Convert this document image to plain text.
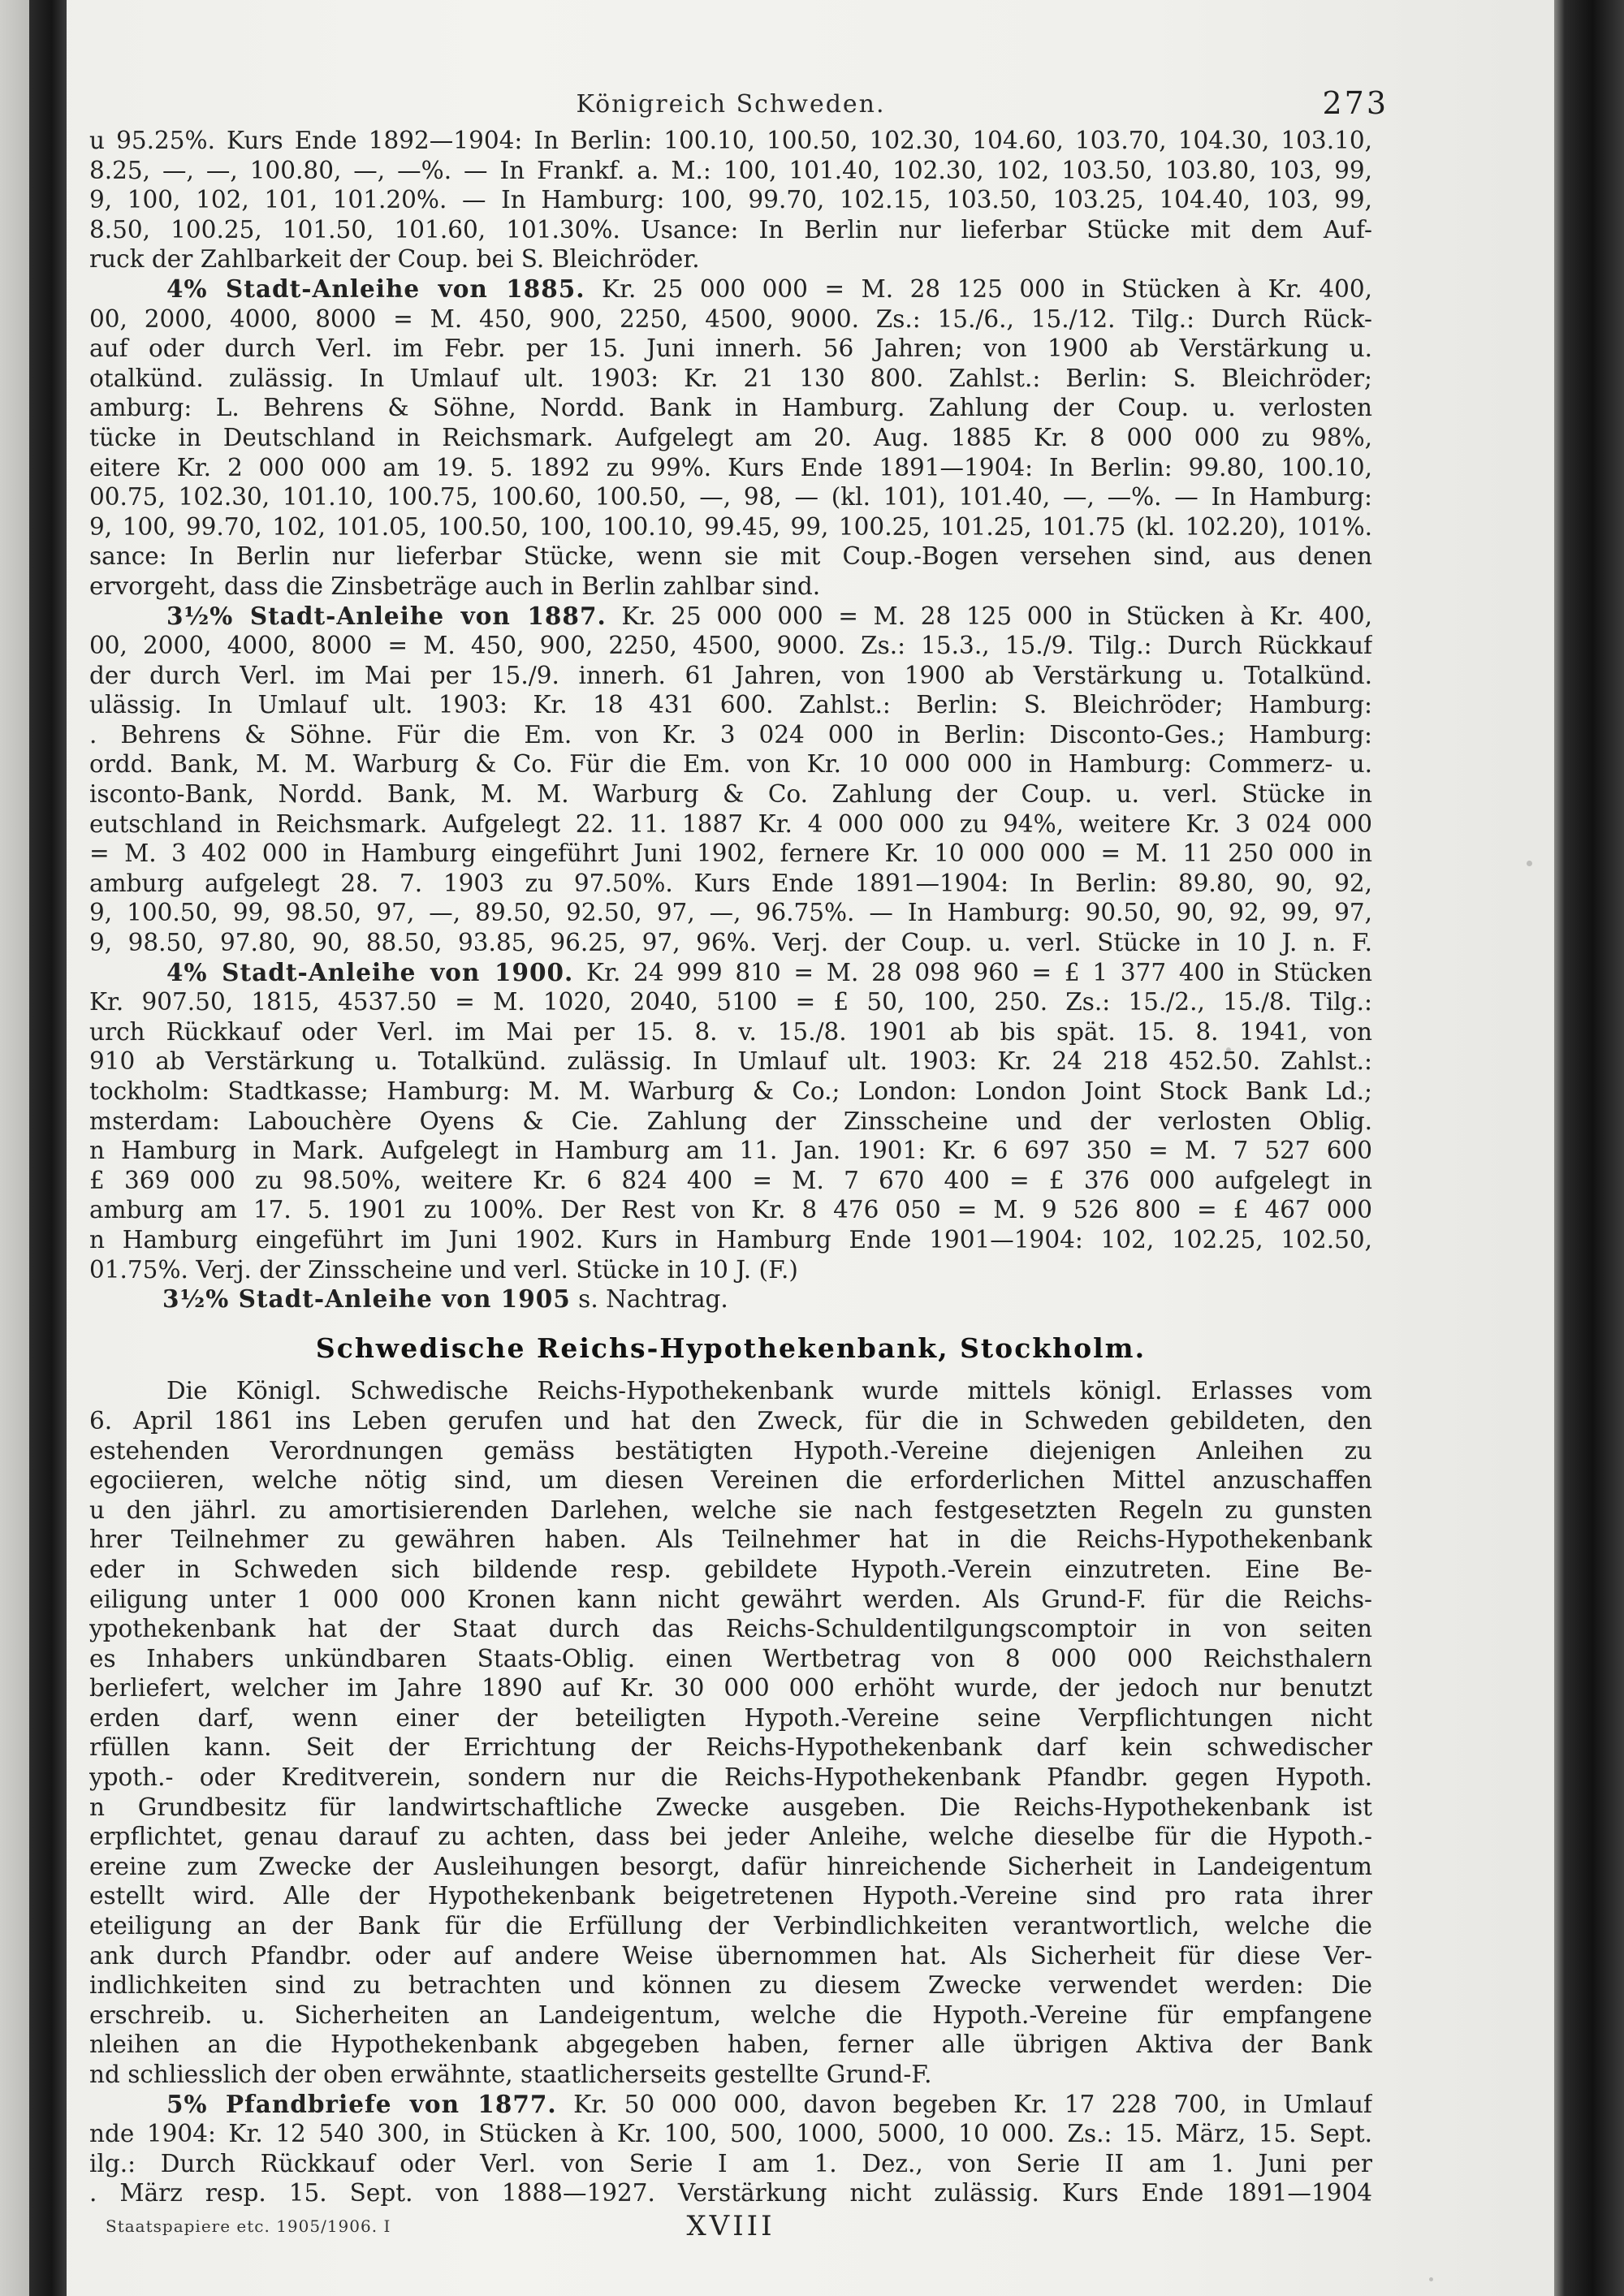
Königreich Schweden.	273
u 95.25%. Kurs Ende 1892—1904: In Berlin: 100.10, 100.50, 102.30, 104.60, 103.70, 104.30, 103.10,
8.25, —, —, 100.80, —, —%. — In Frankf. a. M.: 100, 101.40, 102.30, 102, 103.50, 103.80, 103, 99,
9, 100, 102, 101, 101.20%. — In Hamburg: 100, 99.70, 102.15, 103.50, 103.25, 104.40, 103, 99,
8.50, 100.25, 101.50, 101.60, 101.30%. Usance: In Berlin nur lieferbar Stücke mit dem Auf-
ruck der Zahlbarkeit der Coup. bei S. Bleichröder.
4% Stadt-Anleihe von 1885. Kr. 25 000 000 = M. 28 125 000 in Stücken à Kr. 400,
00, 2000, 4000, 8000 = M. 450, 900, 2250, 4500, 9000. Zs.: 15./6., 15./12. Tilg.: Durch Rück-
auf oder durch Verl. im Febr. per 15. Juni innerh. 56 Jahren; von 1900 ab Verstärkung u.
otalkünd. zulässig. In Umlauf ult. 1903: Kr. 21 130 800. Zahlst.: Berlin: S. Bleichröder;
amburg: L. Behrens & Söhne, Nordd. Bank in Hamburg. Zahlung der Coup. u. verlosten
tücke in Deutschland in Reichsmark. Aufgelegt am 20. Aug. 1885 Kr. 8 000 000 zu 98%,
eitere Kr. 2 000 000 am 19. 5. 1892 zu 99%. Kurs Ende 1891—1904: In Berlin: 99.80, 100.10,
00.75, 102.30, 101.10, 100.75, 100.60, 100.50, —, 98, — (kl. 101), 101.40, —, —%. — In Hamburg:
9, 100, 99.70, 102, 101.05, 100.50, 100, 100.10, 99.45, 99, 100.25, 101.25, 101.75 (kl. 102.20), 101%.
sance: In Berlin nur lieferbar Stücke, wenn sie mit Coup.-Bogen versehen sind, aus denen
ervorgeht, dass die Zinsbeträge auch in Berlin zahlbar sind.
3½% Stadt-Anleihe von 1887. Kr. 25 000 000 = M. 28 125 000 in Stücken à Kr. 400,
00, 2000, 4000, 8000 = M. 450, 900, 2250, 4500, 9000. Zs.: 15.3., 15./9. Tilg.: Durch Rückkauf
der durch Verl. im Mai per 15./9. innerh. 61 Jahren, von 1900 ab Verstärkung u. Totalkünd.
ulässig. In Umlauf ult. 1903: Kr. 18 431 600. Zahlst.: Berlin: S. Bleichröder; Hamburg:
. Behrens & Söhne. Für die Em. von Kr. 3 024 000 in Berlin: Disconto-Ges.; Hamburg:
ordd. Bank, M. M. Warburg & Co. Für die Em. von Kr. 10 000 000 in Hamburg: Commerz- u.
isconto-Bank, Nordd. Bank, M. M. Warburg & Co. Zahlung der Coup. u. verl. Stücke in
eutschland in Reichsmark. Aufgelegt 22. 11. 1887 Kr. 4 000 000 zu 94%, weitere Kr. 3 024 000
= M. 3 402 000 in Hamburg eingeführt Juni 1902, fernere Kr. 10 000 000 = M. 11 250 000 in
amburg aufgelegt 28. 7. 1903 zu 97.50%. Kurs Ende 1891—1904: In Berlin: 89.80, 90, 92,
9, 100.50, 99, 98.50, 97, —, 89.50, 92.50, 97, —, 96.75%. — In Hamburg: 90.50, 90, 92, 99, 97,
9, 98.50, 97.80, 90, 88.50, 93.85, 96.25, 97, 96%. Verj. der Coup. u. verl. Stücke in 10 J. n. F.
4% Stadt-Anleihe von 1900. Kr. 24 999 810 = M. 28 098 960 = £ 1 377 400 in Stücken
Kr. 907.50, 1815, 4537.50 = M. 1020, 2040, 5100 = £ 50, 100, 250. Zs.: 15./2., 15./8. Tilg.:
urch Rückkauf oder Verl. im Mai per 15. 8. v. 15./8. 1901 ab bis spät. 15. 8. 1941, von
910 ab Verstärkung u. Totalkünd. zulässig. In Umlauf ult. 1903: Kr. 24 218 452.50. Zahlst.:
tockholm: Stadtkasse; Hamburg: M. M. Warburg & Co.; London: London Joint Stock Bank Ld.;
msterdam: Labouchère Oyens & Cie. Zahlung der Zinsscheine und der verlosten Oblig.
n Hamburg in Mark. Aufgelegt in Hamburg am 11. Jan. 1901: Kr. 6 697 350 = M. 7 527 600
£ 369 000 zu 98.50%, weitere Kr. 6 824 400 = M. 7 670 400 = £ 376 000 aufgelegt in
amburg am 17. 5. 1901 zu 100%. Der Rest von Kr. 8 476 050 = M. 9 526 800 = £ 467 000
n Hamburg eingeführt im Juni 1902. Kurs in Hamburg Ende 1901—1904: 102, 102.25, 102.50,
01.75%. Verj. der Zinsscheine und verl. Stücke in 10 J. (F.)
3½% Stadt-Anleihe von 1905 s. Nachtrag.
Schwedische Reichs-Hypothekenbank, Stockholm.
Die Königl. Schwedische Reichs-Hypothekenbank wurde mittels königl. Erlasses vom
6. April 1861 ins Leben gerufen und hat den Zweck, für die in Schweden gebildeten, den
estehenden Verordnungen gemäss bestätigten Hypoth.-Vereine diejenigen Anleihen zu
egociieren, welche nötig sind, um diesen Vereinen die erforderlichen Mittel anzuschaffen
u den jährl. zu amortisierenden Darlehen, welche sie nach festgesetzten Regeln zu gunsten
hrer Teilnehmer zu gewähren haben. Als Teilnehmer hat in die Reichs-Hypothekenbank
eder in Schweden sich bildende resp. gebildete Hypoth.-Verein einzutreten. Eine Be-
eiligung unter 1 000 000 Kronen kann nicht gewährt werden. Als Grund-F. für die Reichs-
ypothekenbank hat der Staat durch das Reichs-Schuldentilgungscomptoir in von seiten
es Inhabers unkündbaren Staats-Oblig. einen Wertbetrag von 8 000 000 Reichsthalern
berliefert, welcher im Jahre 1890 auf Kr. 30 000 000 erhöht wurde, der jedoch nur benutzt
erden darf, wenn einer der beteiligten Hypoth.-Vereine seine Verpflichtungen nicht
rfüllen kann. Seit der Errichtung der Reichs-Hypothekenbank darf kein schwedischer
ypoth.- oder Kreditverein, sondern nur die Reichs-Hypothekenbank Pfandbr. gegen Hypoth.
n Grundbesitz für landwirtschaftliche Zwecke ausgeben. Die Reichs-Hypothekenbank ist
erpflichtet, genau darauf zu achten, dass bei jeder Anleihe, welche dieselbe für die Hypoth.-
ereine zum Zwecke der Ausleihungen besorgt, dafür hinreichende Sicherheit in Landeigentum
estellt wird. Alle der Hypothekenbank beigetretenen Hypoth.-Vereine sind pro rata ihrer
eteiligung an der Bank für die Erfüllung der Verbindlichkeiten verantwortlich, welche die
ank durch Pfandbr. oder auf andere Weise übernommen hat. Als Sicherheit für diese Ver-
indlichkeiten sind zu betrachten und können zu diesem Zwecke verwendet werden: Die
erschreib. u. Sicherheiten an Landeigentum, welche die Hypoth.-Vereine für empfangene
nleihen an die Hypothekenbank abgegeben haben, ferner alle übrigen Aktiva der Bank
nd schliesslich der oben erwähnte, staatlicherseits gestellte Grund-F.
5% Pfandbriefe von 1877. Kr. 50 000 000, davon begeben Kr. 17 228 700, in Umlauf
nde 1904: Kr. 12 540 300, in Stücken à Kr. 100, 500, 1000, 5000, 10 000. Zs.: 15. März, 15. Sept.
ilg.: Durch Rückkauf oder Verl. von Serie I am 1. Dez., von Serie II am 1. Juni per
. März resp. 15. Sept. von 1888—1927. Verstärkung nicht zulässig. Kurs Ende 1891—1904
Staatspapiere etc. 1905/1906. I	XVIII
